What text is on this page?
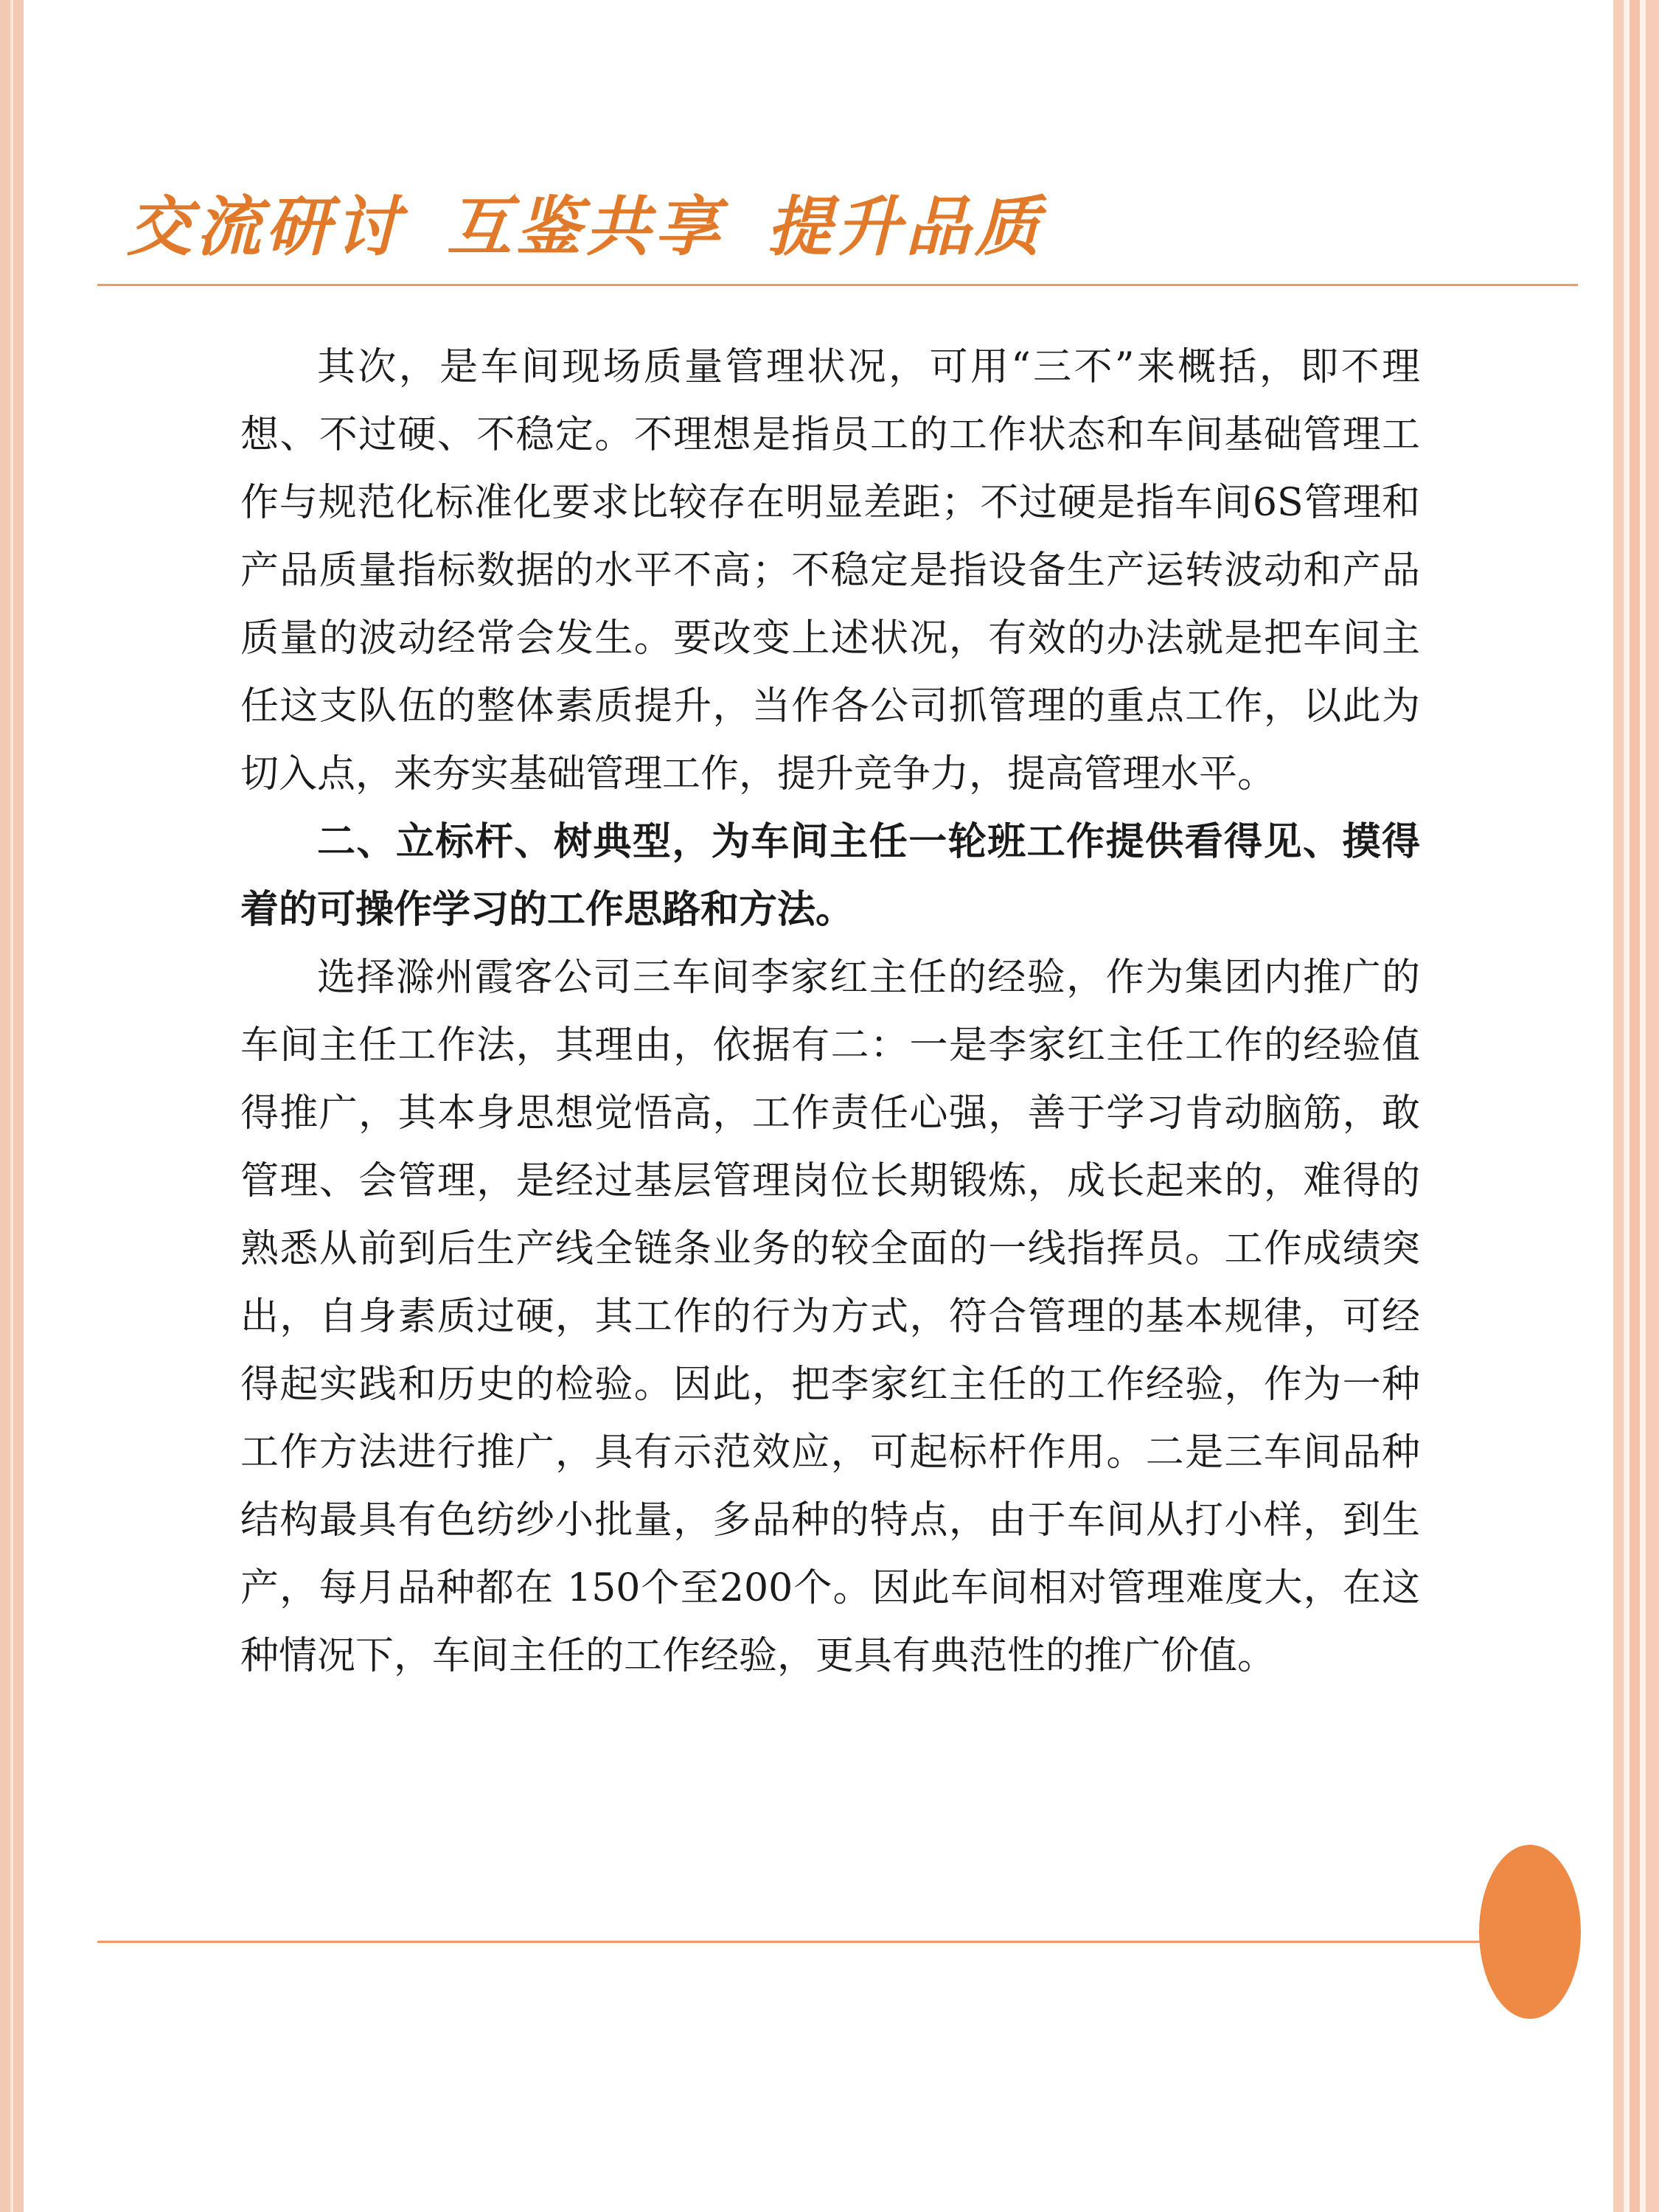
交流研讨 互鉴共享 提升品质

其次，是车间现场质量管理状况，可用“三不”来概括，即不理想、不过硬、不稳定。不理想是指员工的工作状态和车间基础管理工作与规范化标准化要求比较存在明显差距；不过硬是指车间6S管理和产品质量指标数据的水平不高；不稳定是指设备生产运转波动和产品质量的波动经常会发生。要改变上述状况，有效的办法就是把车间主任这支队伍的整体素质提升，当作各公司抓管理的重点工作，以此为切入点，来夯实基础管理工作，提升竞争力，提高管理水平。

二、立标杆、树典型，为车间主任一轮班工作提供看得见、摸得着的可操作学习的工作思路和方法。

选择滁州霞客公司三车间李家红主任的经验，作为集团内推广的车间主任工作法，其理由，依据有二：一是李家红主任工作的经验值得推广，其本身思想觉悟高，工作责任心强，善于学习肯动脑筋，敢管理、会管理，是经过基层管理岗位长期锻炼，成长起来的，难得的熟悉从前到后生产线全链条业务的较全面的一线指挥员。工作成绩突出，自身素质过硬，其工作的行为方式，符合管理的基本规律，可经得起实践和历史的检验。因此，把李家红主任的工作经验，作为一种工作方法进行推广，具有示范效应，可起标杆作用。二是三车间品种结构最具有色纺纱小批量，多品种的特点，由于车间从打小样，到生产，每月品种都在 150个至200个。因此车间相对管理难度大，在这种情况下，车间主任的工作经验，更具有典范性的推广价值。
